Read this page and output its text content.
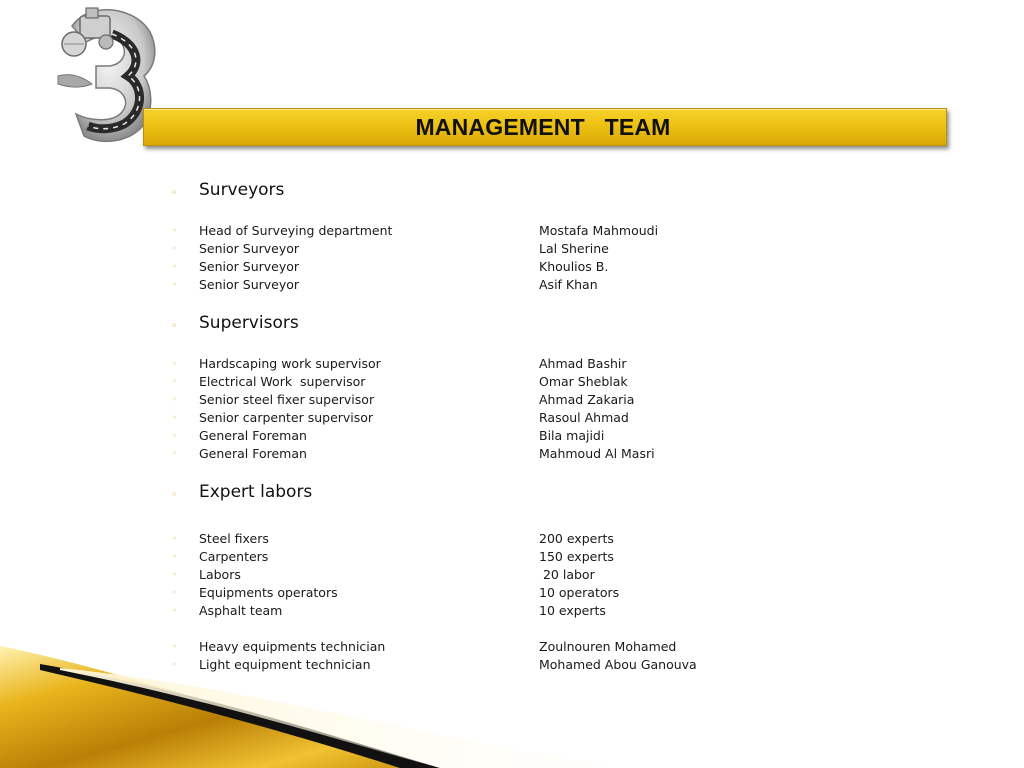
MANAGEMENT   TEAM
◦ Surveyors
◦ Head of Surveying department	Mostafa Mahmoudi
◦ Senior Surveyor	Lal Sherine
◦ Senior Surveyor	Khoulios B.
◦ Senior Surveyor	Asif Khan
◦ Supervisors
◦ Hardscaping work supervisor	Ahmad Bashir
◦ Electrical Work  supervisor	Omar Sheblak
◦ Senior steel fixer supervisor	Ahmad Zakaria
◦ Senior carpenter supervisor	Rasoul Ahmad
◦ General Foreman	Bila majidi
◦ General Foreman	Mahmoud Al Masri
◦ Expert labors
◦ Steel fixers	200 experts
◦ Carpenters	150 experts
◦ Labors	20 labor
◦ Equipments operators	10 operators
◦ Asphalt team	10 experts
◦ Heavy equipments technician	Zoulnouren Mohamed
◦ Light equipment technician	Mohamed Abou Ganouva
